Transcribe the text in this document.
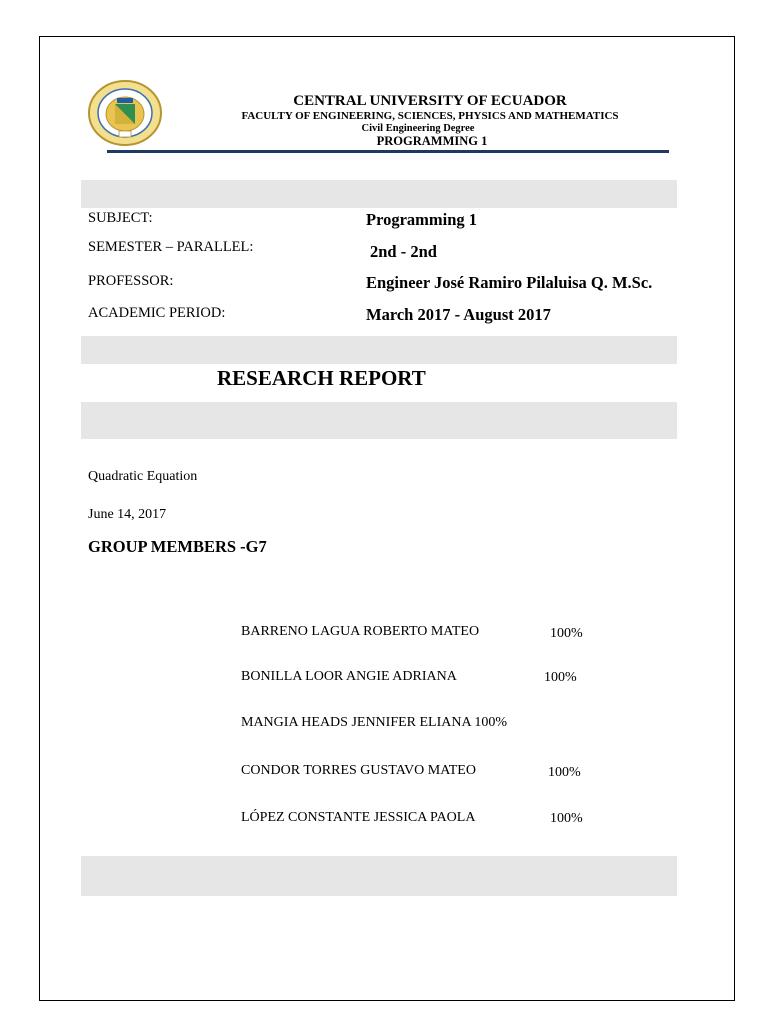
CENTRAL UNIVERSITY OF ECUADOR
FACULTY OF ENGINEERING, SCIENCES, PHYSICS AND MATHEMATICS
Civil Engineering Degree
PROGRAMMING 1
SUBJECT:	Programming 1
SEMESTER – PARALLEL:	2nd - 2nd
PROFESSOR:	Engineer José Ramiro Pilaluisa Q. M.Sc.
ACADEMIC PERIOD:	March 2017 - August 2017
RESEARCH REPORT
Quadratic Equation
June 14, 2017
GROUP MEMBERS -G7
BARRENO LAGUA ROBERTO MATEO	100%
BONILLA LOOR ANGIE ADRIANA	100%
MANGIA HEADS JENNIFER ELIANA 100%
CONDOR TORRES GUSTAVO MATEO	100%
LÓPEZ CONSTANTE JESSICA PAOLA	100%
